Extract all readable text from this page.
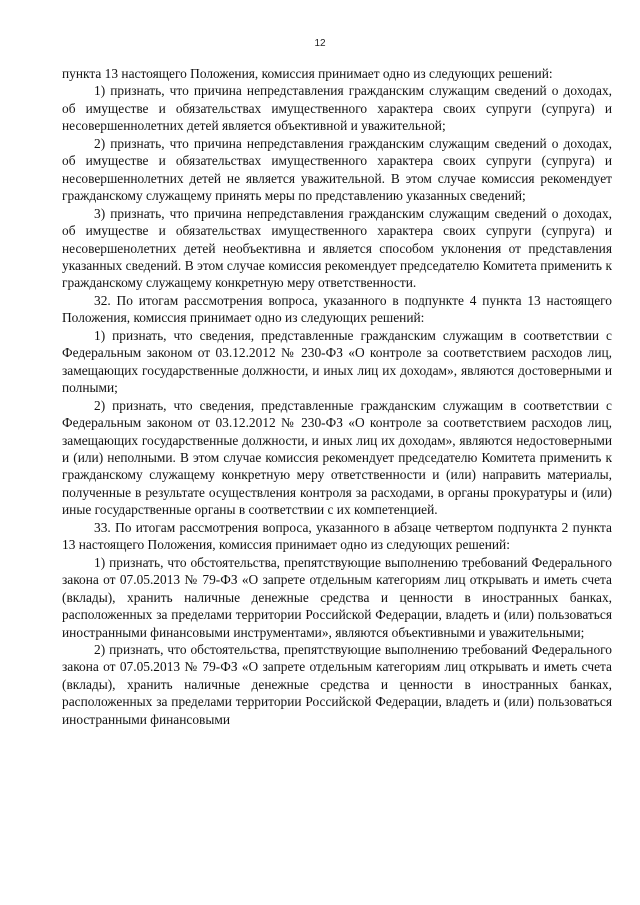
12

пункта 13 настоящего Положения, комиссия принимает одно из следующих решений:

1) признать, что причина непредставления гражданским служащим сведений о доходах, об имуществе и обязательствах имущественного характера своих супруги (супруга) и несовершеннолетних детей является объективной и уважительной;

2) признать, что причина непредставления гражданским служащим сведений о доходах, об имуществе и обязательствах имущественного характера своих супруги (супруга) и несовершеннолетних детей не является уважительной. В этом случае комиссия рекомендует гражданскому служащему принять меры по представлению указанных сведений;

3) признать, что причина непредставления гражданским служащим сведений о доходах, об имуществе и обязательствах имущественного характера своих супруги (супруга) и несовершенолетних детей необъективна и является способом уклонения от представления указанных сведений. В этом случае комиссия рекомендует председателю Комитета применить к гражданскому служащему конкретную меру ответственности.

32. По итогам рассмотрения вопроса, указанного в подпункте 4 пункта 13 настоящего Положения, комиссия принимает одно из следующих решений:

1) признать, что сведения, представленные гражданским служащим в соответствии с Федеральным законом от 03.12.2012 № 230-ФЗ «О контроле за соответствием расходов лиц, замещающих государственные должности, и иных лиц их доходам», являются достоверными и полными;

2) признать, что сведения, представленные гражданским служащим в соответствии с Федеральным законом от 03.12.2012 № 230-ФЗ «О контроле за соответствием расходов лиц, замещающих государственные должности, и иных лиц их доходам», являются недостоверными и (или) неполными. В этом случае комиссия рекомендует председателю Комитета применить к гражданскому служащему конкретную меру ответственности и (или) направить материалы, полученные в результате осуществления контроля за расходами, в органы прокуратуры и (или) иные государственные органы в соответствии с их компетенцией.

33. По итогам рассмотрения вопроса, указанного в абзаце четвертом подпункта 2 пункта 13 настоящего Положения, комиссия принимает одно из следующих решений:

1) признать, что обстоятельства, препятствующие выполнению требований Федерального закона от 07.05.2013 № 79-ФЗ «О запрете отдельным категориям лиц открывать и иметь счета (вклады), хранить наличные денежные средства и ценности в иностранных банках, расположенных за пределами территории Российской Федерации, владеть и (или) пользоваться иностранными финансовыми инструментами», являются объективными и уважительными;

2) признать, что обстоятельства, препятствующие выполнению требований Федерального закона от 07.05.2013 № 79-ФЗ «О запрете отдельным категориям лиц открывать и иметь счета (вклады), хранить наличные денежные средства и ценности в иностранных банках, расположенных за пределами территории Российской Федерации, владеть и (или) пользоваться иностранными финансовыми
